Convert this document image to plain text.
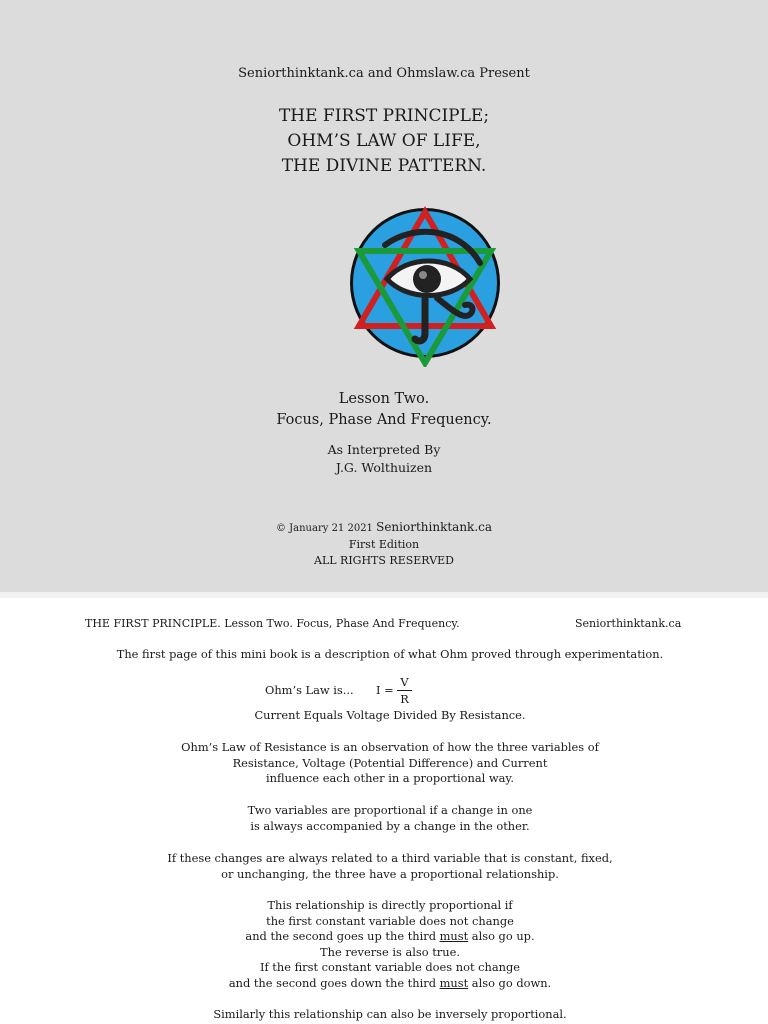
Seniorthinktank.ca and Ohmslaw.ca Present
THE FIRST PRINCIPLE;
OHM’S LAW OF LIFE,
THE DIVINE PATTERN.
Lesson Two.
Focus, Phase And Frequency.
As Interpreted By
J.G. Wolthuizen
© January 21 2021 Seniorthinktank.ca
First Edition
ALL RIGHTS RESERVED
THE FIRST PRINCIPLE. Lesson Two. Focus, Phase And Frequency.	Seniorthinktank.ca
The first page of this mini book is a description of what Ohm proved through experimentation.
Ohm’s Law is... I =
V
R
Current Equals Voltage Divided By Resistance.
Ohm’s Law of Resistance is an observation of how the three variables of
Resistance, Voltage (Potential Difference) and Current
influence each other in a proportional way.
Two variables are proportional if a change in one
is always accompanied by a change in the other.
If these changes are always related to a third variable that is constant, fixed,
or unchanging, the three have a proportional relationship.
This relationship is directly proportional if
the first constant variable does not change
and the second goes up the third must also go up.
The reverse is also true.
If the first constant variable does not change
and the second goes down the third must also go down.
Similarly this relationship can also be inversely proportional.
